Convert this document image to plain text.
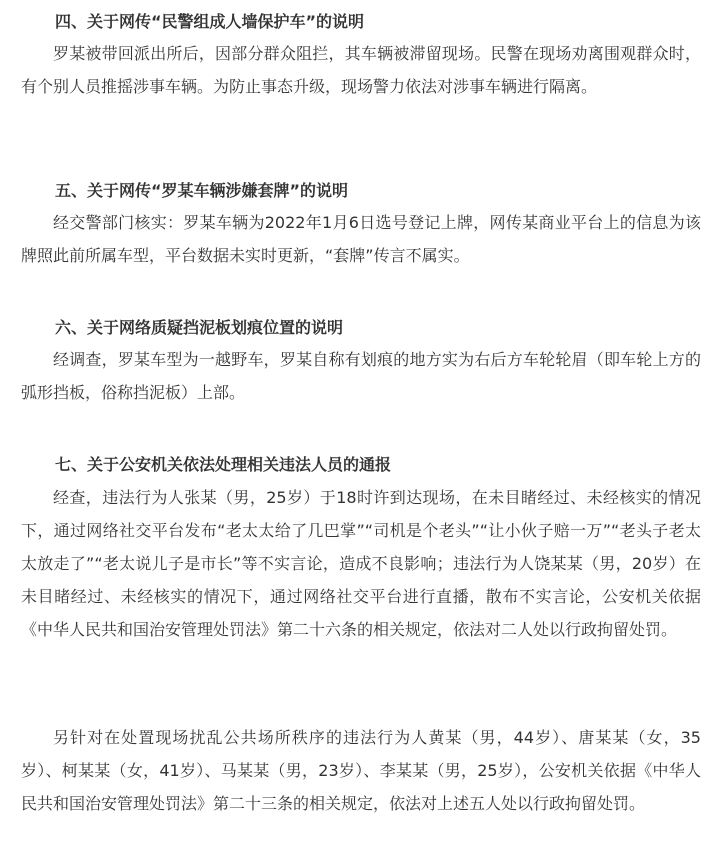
四、关于网传“民警组成人墙保护车”的说明

罗某被带回派出所后，因部分群众阻拦，其车辆被滞留现场。民警在现场劝离围观群众时，有个别人员推摇涉事车辆。为防止事态升级，现场警力依法对涉事车辆进行隔离。

五、关于网传“罗某车辆涉嫌套牌”的说明

经交警部门核实：罗某车辆为2022年1月6日选号登记上牌，网传某商业平台上的信息为该牌照此前所属车型，平台数据未实时更新，“套牌”传言不属实。

六、关于网络质疑挡泥板划痕位置的说明

经调查，罗某车型为一越野车，罗某自称有划痕的地方实为右后方车轮轮眉（即车轮上方的弧形挡板，俗称挡泥板）上部。

七、关于公安机关依法处理相关违法人员的通报

经查，违法行为人张某（男，25岁）于18时许到达现场，在未目睹经过、未经核实的情况下，通过网络社交平台发布“老太太给了几巴掌”“司机是个老头”“让小伙子赔一万”“老头子老太太放走了”“老太说儿子是市长”等不实言论，造成不良影响；违法行为人饶某某（男，20岁）在未目睹经过、未经核实的情况下，通过网络社交平台进行直播，散布不实言论，公安机关依据《中华人民共和国治安管理处罚法》第二十六条的相关规定，依法对二人处以行政拘留处罚。

另针对在处置现场扰乱公共场所秩序的违法行为人黄某（男，44岁）、唐某某（女，35岁）、柯某某（女，41岁）、马某某（男，23岁）、李某某（男，25岁），公安机关依据《中华人民共和国治安管理处罚法》第二十三条的相关规定，依法对上述五人处以行政拘留处罚。
